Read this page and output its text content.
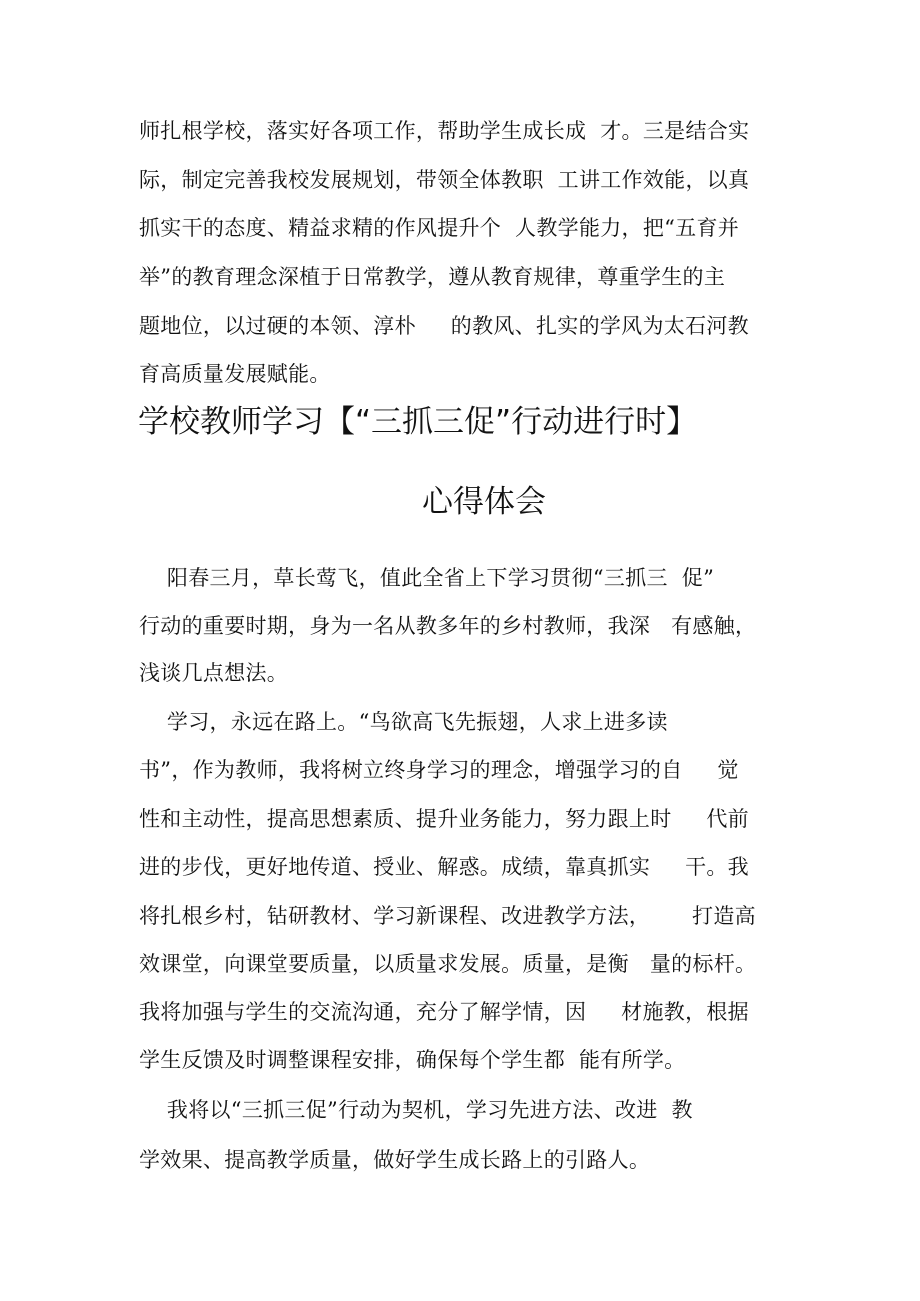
师扎根学校，落实好各项工作，帮助学生成长成  才。三是结合实
际，制定完善我校发展规划，带领全体教职  工讲工作效能，以真
抓实干的态度、精益求精的作风提升个  人教学能力，把“五育并
举”的教育理念深植于日常教学，遵从教育规律，尊重学生的主
题地位，以过硬的本领、淳朴     的教风、扎实的学风为太石河教
育高质量发展赋能。
学校教师学习【“三抓三促”行动进行时】
心得体会
阳春三月，草长莺飞，值此全省上下学习贯彻“三抓三  促”
行动的重要时期，身为一名从教多年的乡村教师，我深   有感触，
浅谈几点想法。
学习，永远在路上。“鸟欲高飞先振翅，人求上进多读
书”，作为教师，我将树立终身学习的理念，增强学习的自     觉
性和主动性，提高思想素质、提升业务能力，努力跟上时     代前
进的步伐，更好地传道、授业、解惑。成绩，靠真抓实     干。我
将扎根乡村，钻研教材、学习新课程、改进教学方法，      打造高
效课堂，向课堂要质量，以质量求发展。质量，是衡   量的标杆。
我将加强与学生的交流沟通，充分了解学情，因     材施教，根据
学生反馈及时调整课程安排，确保每个学生都  能有所学。
我将以“三抓三促”行动为契机，学习先进方法、改进  教
学效果、提高教学质量，做好学生成长路上的引路人。
